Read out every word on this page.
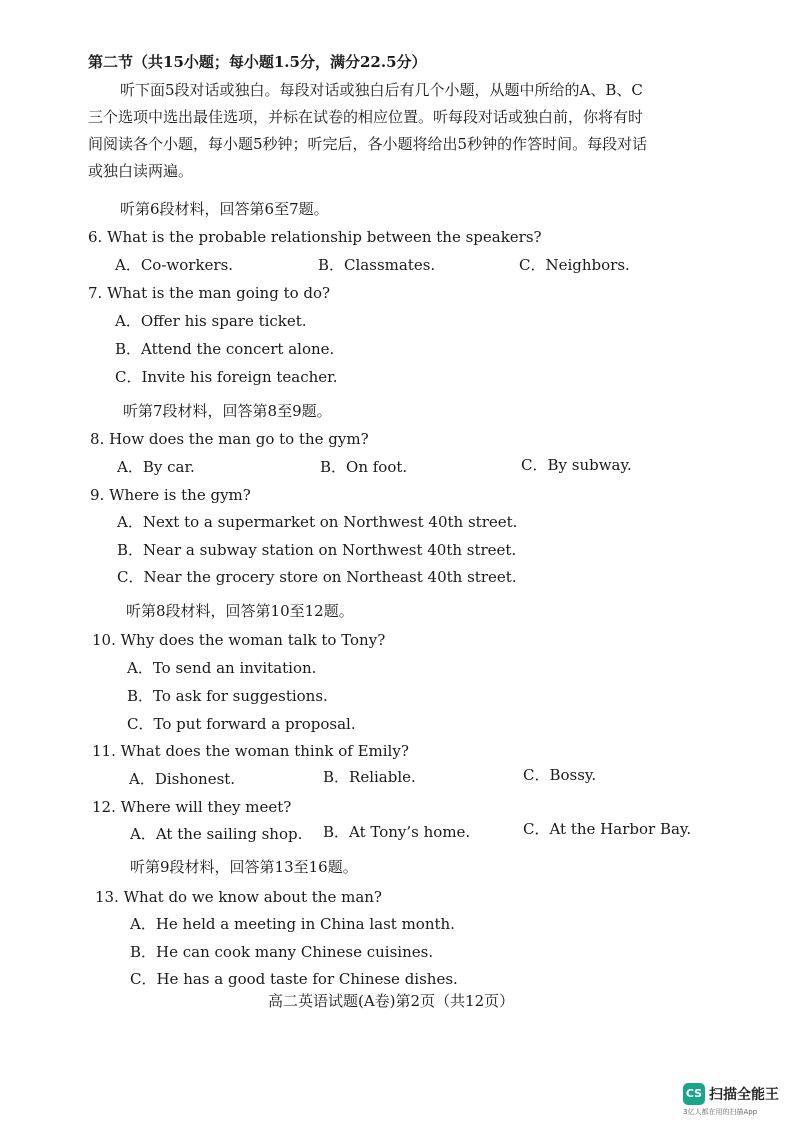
第二节（共15小题；每小题1.5分，满分22.5分）
听下面5段对话或独白。每段对话或独白后有几个小题，从题中所给的A、B、C
三个选项中选出最佳选项，并标在试卷的相应位置。听每段对话或独白前，你将有时
间阅读各个小题，每小题5秒钟；听完后，各小题将给出5秒钟的作答时间。每段对话
或独白读两遍。
听第6段材料，回答第6至7题。
6. What is the probable relationship between the speakers?
A．Co-workers.	B．Classmates.	C．Neighbors.
7. What is the man going to do?
A．Offer his spare ticket.
B．Attend the concert alone.
C．Invite his foreign teacher.
听第7段材料，回答第8至9题。
8. How does the man go to the gym?
A．By car.	B．On foot.	C．By subway.
9. Where is the gym?
A．Next to a supermarket on Northwest 40th street.
B．Near a subway station on Northwest 40th street.
C．Near the grocery store on Northeast 40th street.
听第8段材料，回答第10至12题。
10. Why does the woman talk to Tony?
A．To send an invitation.
B．To ask for suggestions.
C．To put forward a proposal.
11. What does the woman think of Emily?
A．Dishonest.	B．Reliable.	C．Bossy.
12. Where will they meet?
A．At the sailing shop. B．At Tony’s home.	C．At the Harbor Bay.
听第9段材料，回答第13至16题。
13. What do we know about the man?
A．He held a meeting in China last month.
B．He can cook many Chinese cuisines.
C．He has a good taste for Chinese dishes.
高二英语试题(A卷)第2页（共12页）
CS 扫描全能王
3亿人都在用的扫描App
